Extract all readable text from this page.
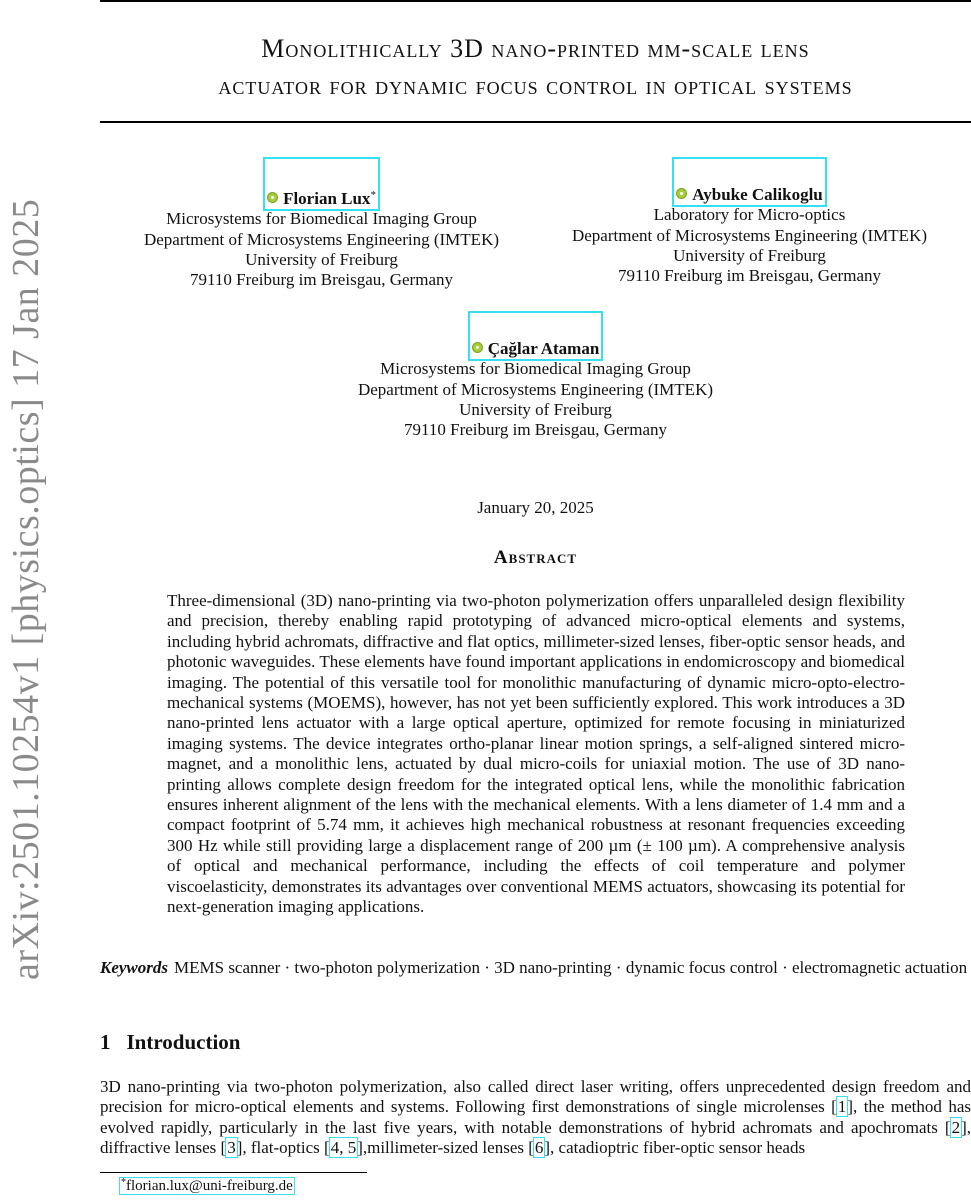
arXiv:2501.10254v1 [physics.optics] 17 Jan 2025
Monolithically 3D nano-printed mm-scale lens
actuator for dynamic focus control in optical systems
Florian Lux*
Microsystems for Biomedical Imaging Group
Department of Microsystems Engineering (IMTEK)
University of Freiburg
79110 Freiburg im Breisgau, Germany
Aybuke Calikoglu
Laboratory for Micro-optics
Department of Microsystems Engineering (IMTEK)
University of Freiburg
79110 Freiburg im Breisgau, Germany
Çağlar Ataman
Microsystems for Biomedical Imaging Group
Department of Microsystems Engineering (IMTEK)
University of Freiburg
79110 Freiburg im Breisgau, Germany
January 20, 2025
Abstract

Three-dimensional (3D) nano-printing via two-photon polymerization offers unparalleled design flexibility and precision, thereby enabling rapid prototyping of advanced micro-optical elements and systems, including hybrid achromats, diffractive and flat optics, millimeter-sized lenses, fiber-optic sensor heads, and photonic waveguides. These elements have found important applications in endomicroscopy and biomedical imaging. The potential of this versatile tool for monolithic manufacturing of dynamic micro-opto-electro-mechanical systems (MOEMS), however, has not yet been sufficiently explored. This work introduces a 3D nano-printed lens actuator with a large optical aperture, optimized for remote focusing in miniaturized imaging systems. The device integrates ortho-planar linear motion springs, a self-aligned sintered micro-magnet, and a monolithic lens, actuated by dual micro-coils for uniaxial motion. The use of 3D nano-printing allows complete design freedom for the integrated optical lens, while the monolithic fabrication ensures inherent alignment of the lens with the mechanical elements. With a lens diameter of 1.4 mm and a compact footprint of 5.74 mm, it achieves high mechanical robustness at resonant frequencies exceeding 300 Hz while still providing large a displacement range of 200 µm (± 100 µm). A comprehensive analysis of optical and mechanical performance, including the effects of coil temperature and polymer viscoelasticity, demonstrates its advantages over conventional MEMS actuators, showcasing its potential for next-generation imaging applications.

Keywords MEMS scanner · two-photon polymerization · 3D nano-printing · dynamic focus control · electromagnetic actuation

1 Introduction

3D nano-printing via two-photon polymerization, also called direct laser writing, offers unprecedented design freedom and precision for micro-optical elements and systems. Following first demonstrations of single microlenses [1], the method has evolved rapidly, particularly in the last five years, with notable demonstrations of hybrid achromats and apochromats [2], diffractive lenses [3], flat-optics [4, 5],millimeter-sized lenses [6], catadioptric fiber-optic sensor heads

*florian.lux@uni-freiburg.de
